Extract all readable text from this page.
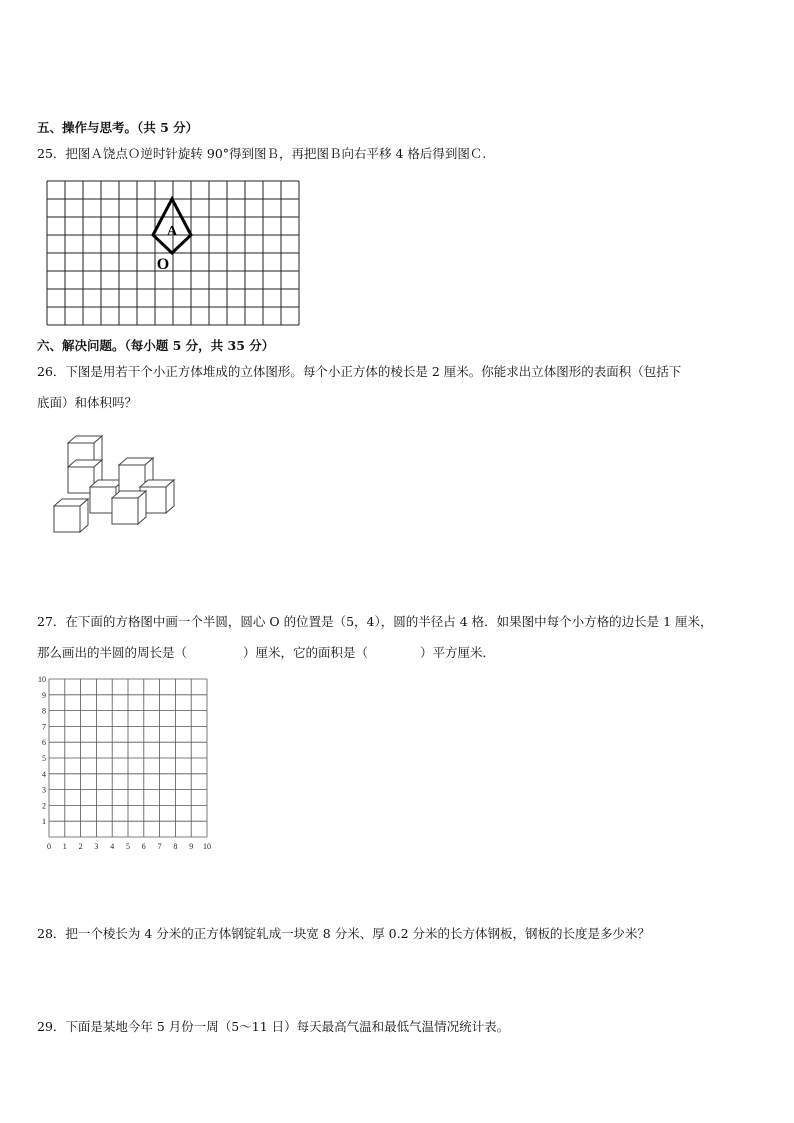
五、操作与思考。（共 5 分）
25．把图Ａ饶点Ｏ逆时针旋转 90°得到图Ｂ，再把图Ｂ向右平移 4 格后得到图Ｃ.
A
O
六、解决问题。（每小题 5 分，共 35 分）
26．下图是用若干个小正方体堆成的立体图形。每个小正方体的棱长是 2 厘米。你能求出立体图形的表面积（包括下
底面）和体积吗？
27．在下面的方格图中画一个半圆，圆心 O 的位置是（5，4），圆的半径占 4 格．如果图中每个小方格的边长是 1 厘米，
那么画出的半圆的周长是（	）厘米，它的面积是（	）平方厘米．
0 1
1
2
2
3
3
4
4
5
5
6
6
7
7
8
8
9
9
10
10
28．把一个棱长为 4 分米的正方体钢锭轧成一块宽 8 分米、厚 0.2 分米的长方体钢板，钢板的长度是多少米？
29．下面是某地今年 5 月份一周（5～11 日）每天最高气温和最低气温情况统计表。
